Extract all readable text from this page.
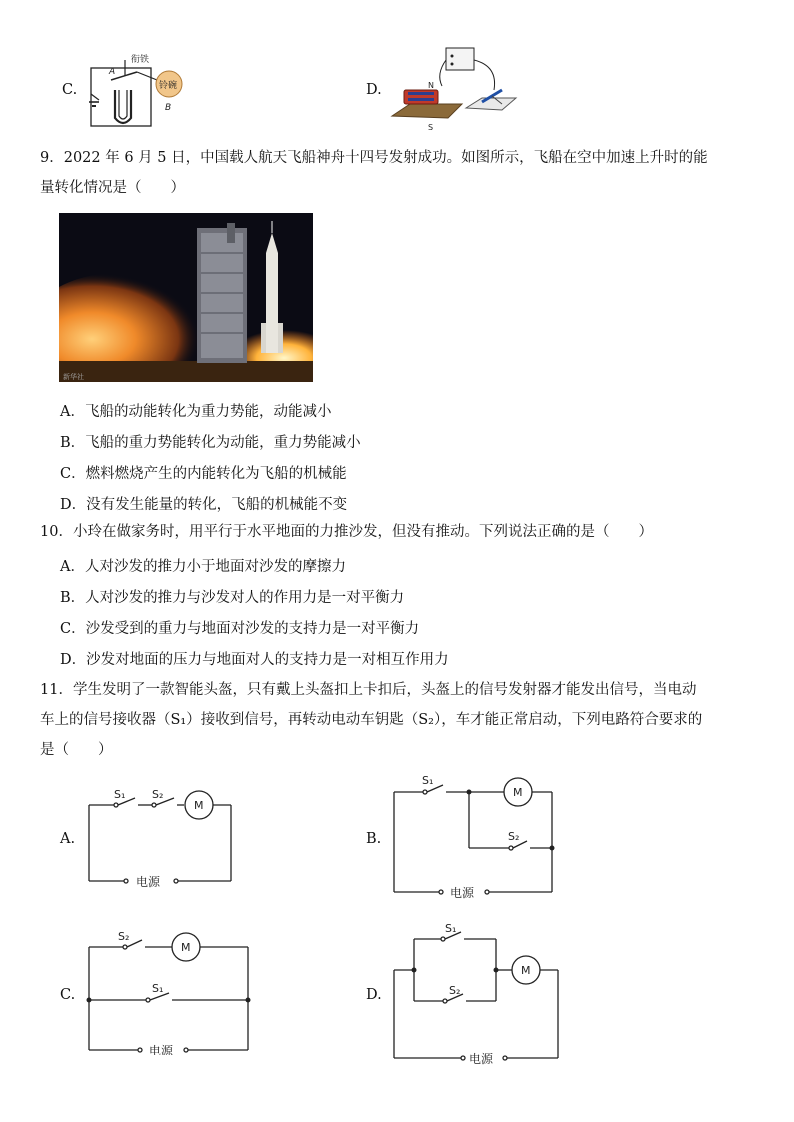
C.	铃碗
A
衔铁
B
D.	N
S
9．2022 年 6 月 5 日，中国载人航天飞船神舟十四号发射成功。如图所示，飞船在空中加速上升时的能
量转化情况是（　　）
新华社
A．飞船的动能转化为重力势能，动能减小
B．飞船的重力势能转化为动能，重力势能减小
C．燃料燃烧产生的内能转化为飞船的机械能
D．没有发生能量的转化，飞船的机械能不变
10．小玲在做家务时，用平行于水平地面的力推沙发，但没有推动。下列说法正确的是（　　）
A．人对沙发的推力小于地面对沙发的摩擦力
B．人对沙发的推力与沙发对人的作用力是一对平衡力
C．沙发受到的重力与地面对沙发的支持力是一对平衡力
D．沙发对地面的压力与地面对人的支持力是一对相互作用力
11．学生发明了一款智能头盔，只有戴上头盔扣上卡扣后，头盔上的信号发射器才能发出信号，当电动
车上的信号接收器（S₁）接收到信号，再转动电动车钥匙（S₂），车才能正常启动，下列电路符合要求的
是（　　）
A.
S₁ S₂
M
电源
B.
S₁
S₂
M
电源
C.
S₂
S₁
M
电源
D.
S₁
S₂
M
电源
